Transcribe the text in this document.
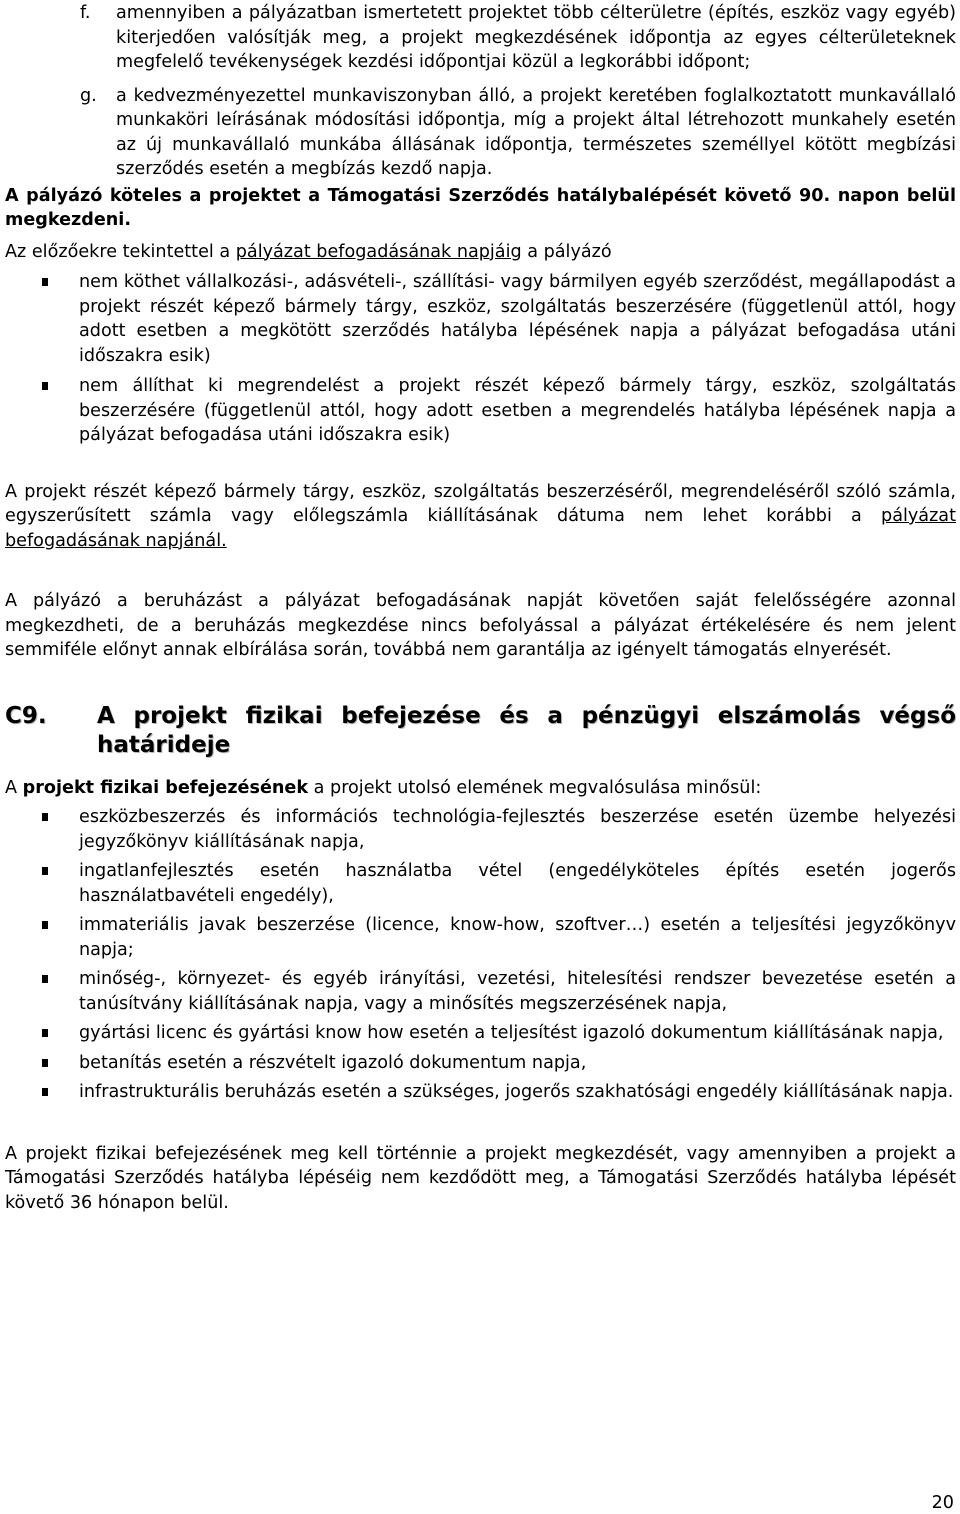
f. amennyiben a pályázatban ismertetett projektet több célterületre (építés, eszköz vagy egyéb) kiterjedően valósítják meg, a projekt megkezdésének időpontja az egyes célterületeknek megfelelő tevékenységek kezdési időpontjai közül a legkorábbi időpont;
g. a kedvezményezettel munkaviszonyban álló, a projekt keretében foglalkoztatott munkavállaló munkaköri leírásának módosítási időpontja, míg a projekt által létrehozott munkahely esetén az új munkavállaló munkába állásának időpontja, természetes személlyel kötött megbízási szerződés esetén a megbízás kezdő napja.

A pályázó köteles a projektet a Támogatási Szerződés hatálybalépését követő 90. napon belül megkezdeni.

Az előzőekre tekintettel a pályázat befogadásának napjáig a pályázó

nem köthet vállalkozási-, adásvételi-, szállítási- vagy bármilyen egyéb szerződést, megállapodást a projekt részét képező bármely tárgy, eszköz, szolgáltatás beszerzésére (függetlenül attól, hogy adott esetben a megkötött szerződés hatályba lépésének napja a pályázat befogadása utáni időszakra esik)
nem állíthat ki megrendelést a projekt részét képező bármely tárgy, eszköz, szolgáltatás beszerzésére (függetlenül attól, hogy adott esetben a megrendelés hatályba lépésének napja a pályázat befogadása utáni időszakra esik)

A projekt részét képező bármely tárgy, eszköz, szolgáltatás beszerzéséről, megrendeléséről szóló számla, egyszerűsített számla vagy előlegszámla kiállításának dátuma nem lehet korábbi a pályázat befogadásának napjánál.

A pályázó a beruházást a pályázat befogadásának napját követően saját felelősségére azonnal megkezdheti, de a beruházás megkezdése nincs befolyással a pályázat értékelésére és nem jelent semmiféle előnyt annak elbírálása során, továbbá nem garantálja az igényelt támogatás elnyerését.

C9. A projekt fizikai befejezése és a pénzügyi elszámolás végső határideje

A projekt fizikai befejezésének a projekt utolsó elemének megvalósulása minősül:

eszközbeszerzés és információs technológia-fejlesztés beszerzése esetén üzembe helyezési jegyzőkönyv kiállításának napja,
ingatlanfejlesztés esetén használatba vétel (engedélyköteles építés esetén jogerős használatbavételi engedély),
immateriális javak beszerzése (licence, know-how, szoftver…) esetén a teljesítési jegyzőkönyv napja;
minőség-, környezet- és egyéb irányítási, vezetési, hitelesítési rendszer bevezetése esetén a tanúsítvány kiállításának napja, vagy a minősítés megszerzésének napja,
gyártási licenc és gyártási know how esetén a teljesítést igazoló dokumentum kiállításának napja,
betanítás esetén a részvételt igazoló dokumentum napja,
infrastrukturális beruházás esetén a szükséges, jogerős szakhatósági engedély kiállításának napja.

A projekt fizikai befejezésének meg kell történnie a projekt megkezdését, vagy amennyiben a projekt a Támogatási Szerződés hatályba lépéséig nem kezdődött meg, a Támogatási Szerződés hatályba lépését követő 36 hónapon belül.

20
